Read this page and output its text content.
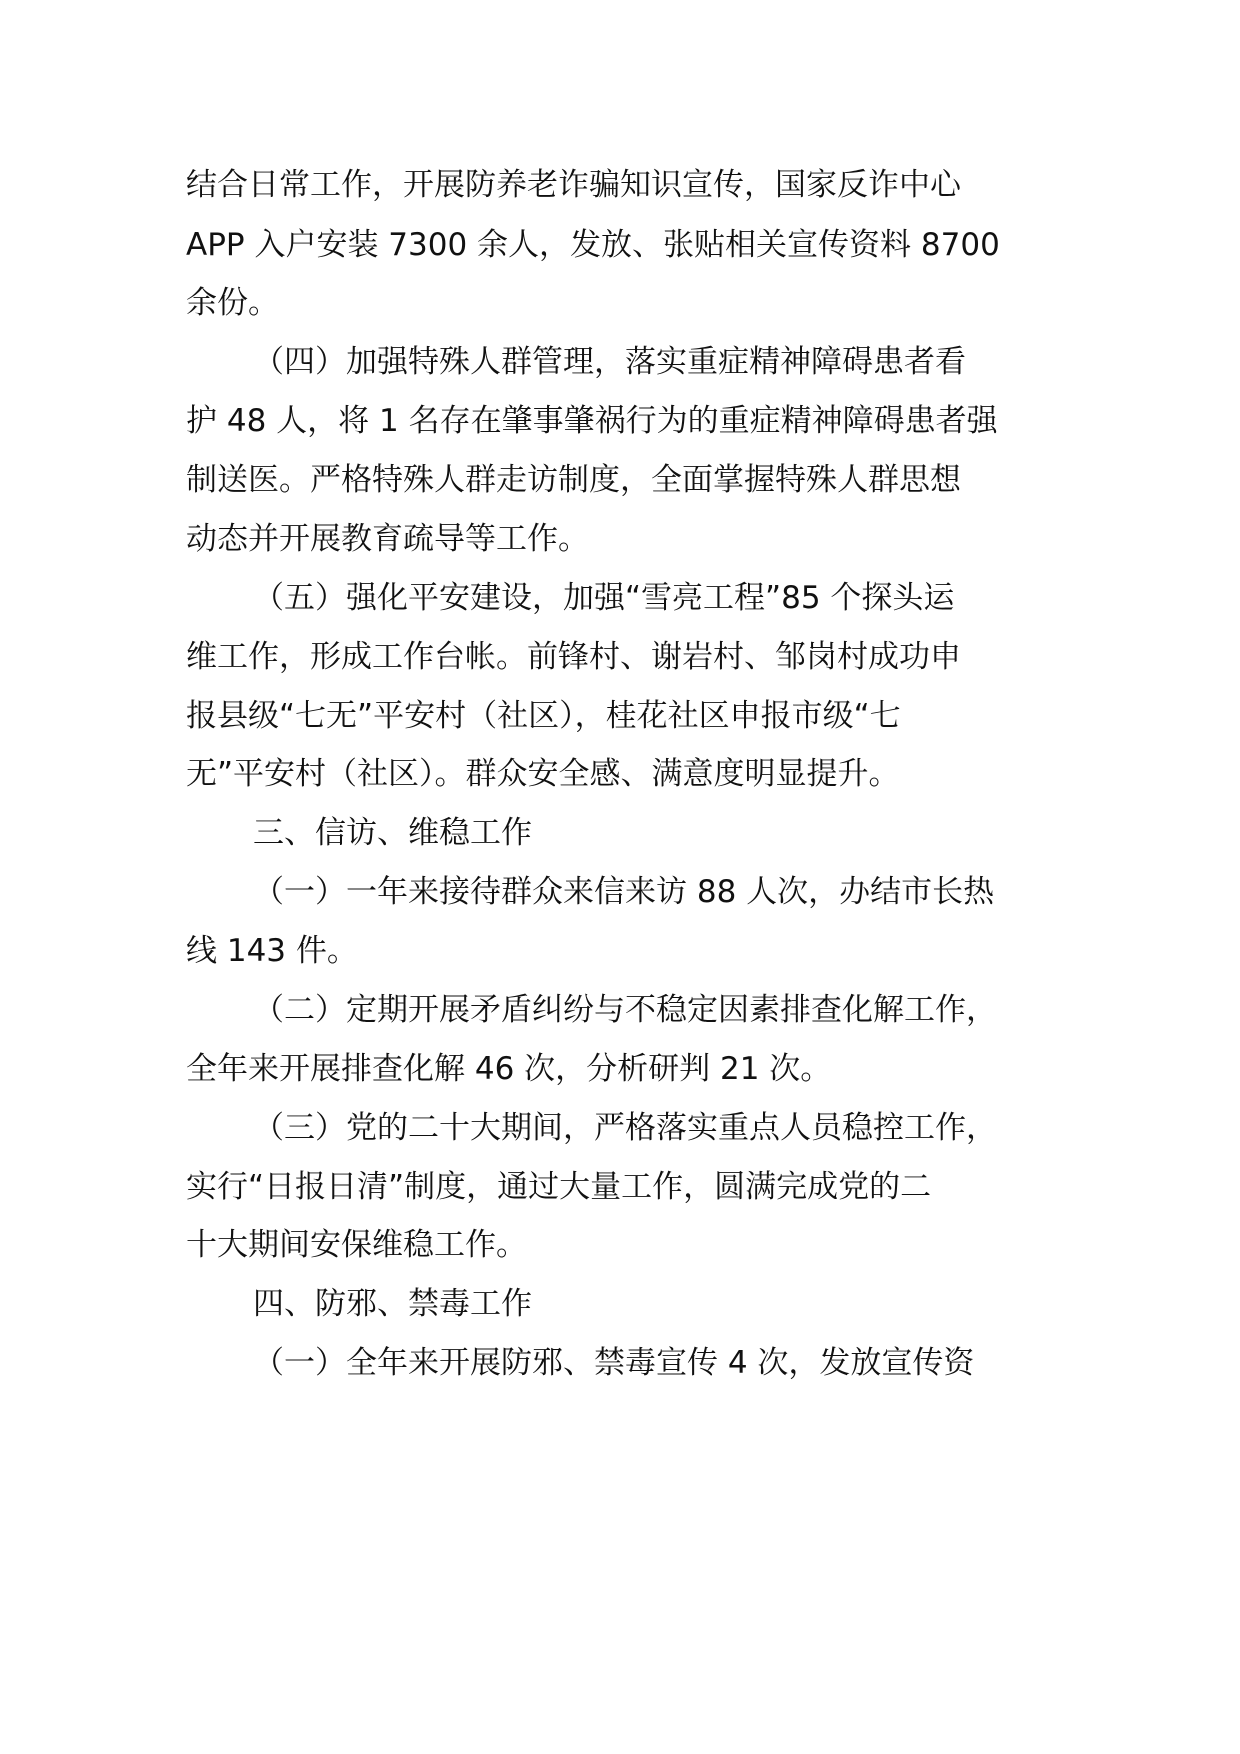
结合日常工作，开展防养老诈骗知识宣传，国家反诈中心
APP 入户安装 7300 余人，发放、张贴相关宣传资料 8700
余份。
（四）加强特殊人群管理，落实重症精神障碍患者看
护 48 人，将 1 名存在肇事肇祸行为的重症精神障碍患者强
制送医。严格特殊人群走访制度，全面掌握特殊人群思想
动态并开展教育疏导等工作。
（五）强化平安建设，加强“雪亮工程”85 个探头运
维工作，形成工作台帐。前锋村、谢岩村、邹岗村成功申
报县级“七无”平安村（社区），桂花社区申报市级“七
无”平安村（社区）。群众安全感、满意度明显提升。
三、信访、维稳工作
（一）一年来接待群众来信来访 88 人次，办结市长热
线 143 件。
（二）定期开展矛盾纠纷与不稳定因素排查化解工作，
全年来开展排查化解 46 次，分析研判 21 次。
（三）党的二十大期间，严格落实重点人员稳控工作，
实行“日报日清”制度，通过大量工作，圆满完成党的二
十大期间安保维稳工作。
四、防邪、禁毒工作
（一）全年来开展防邪、禁毒宣传 4 次，发放宣传资
